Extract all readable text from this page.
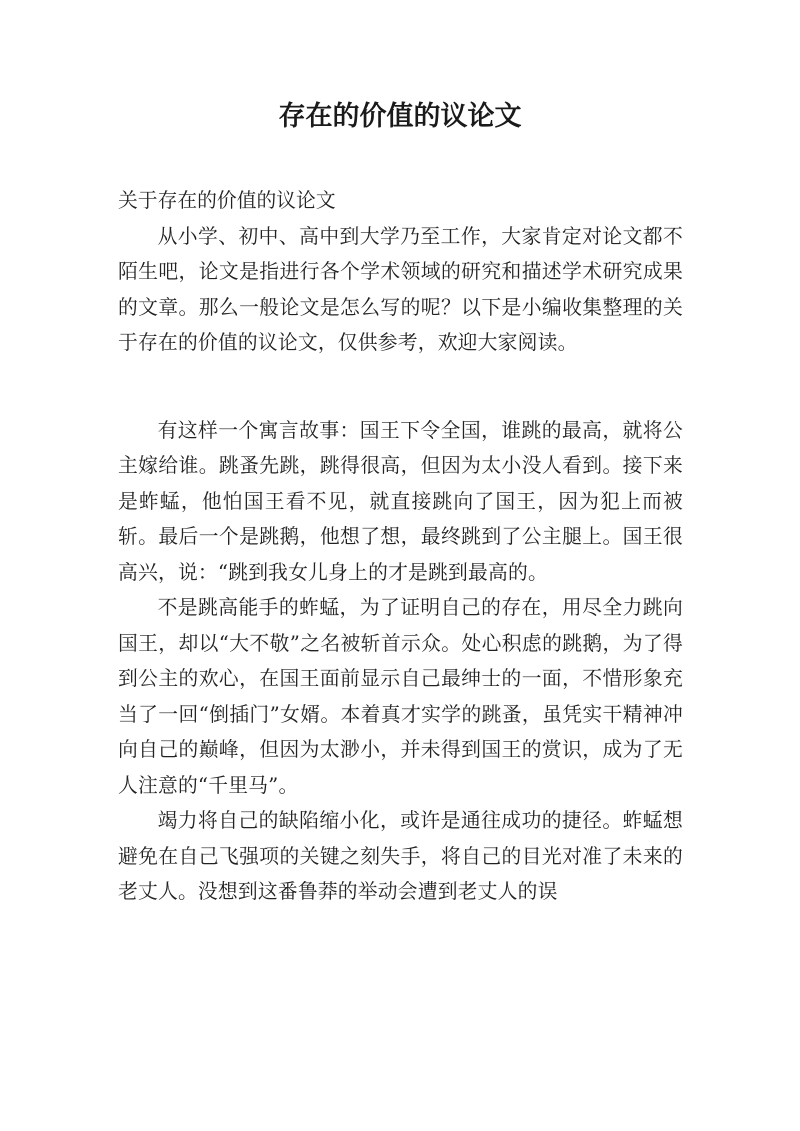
存在的价值的议论文

关于存在的价值的议论文

从小学、初中、高中到大学乃至工作，大家肯定对论文都不陌生吧，论文是指进行各个学术领域的研究和描述学术研究成果的文章。那么一般论文是怎么写的呢？以下是小编收集整理的关于存在的价值的议论文，仅供参考，欢迎大家阅读。

有这样一个寓言故事：国王下令全国，谁跳的最高，就将公主嫁给谁。跳蚤先跳，跳得很高，但因为太小没人看到。接下来是蚱蜢，他怕国王看不见，就直接跳向了国王，因为犯上而被斩。最后一个是跳鹅，他想了想，最终跳到了公主腿上。国王很高兴，说：“跳到我女儿身上的才是跳到最高的。

不是跳高能手的蚱蜢，为了证明自己的存在，用尽全力跳向国王，却以“大不敬”之名被斩首示众。处心积虑的跳鹅，为了得到公主的欢心，在国王面前显示自己最绅士的一面，不惜形象充当了一回“倒插门”女婿。本着真才实学的跳蚤，虽凭实干精神冲向自己的巅峰，但因为太渺小，并未得到国王的赏识，成为了无人注意的“千里马”。

竭力将自己的缺陷缩小化，或许是通往成功的捷径。蚱蜢想避免在自己飞强项的关键之刻失手，将自己的目光对准了未来的老丈人。没想到这番鲁莽的举动会遭到老丈人的误
